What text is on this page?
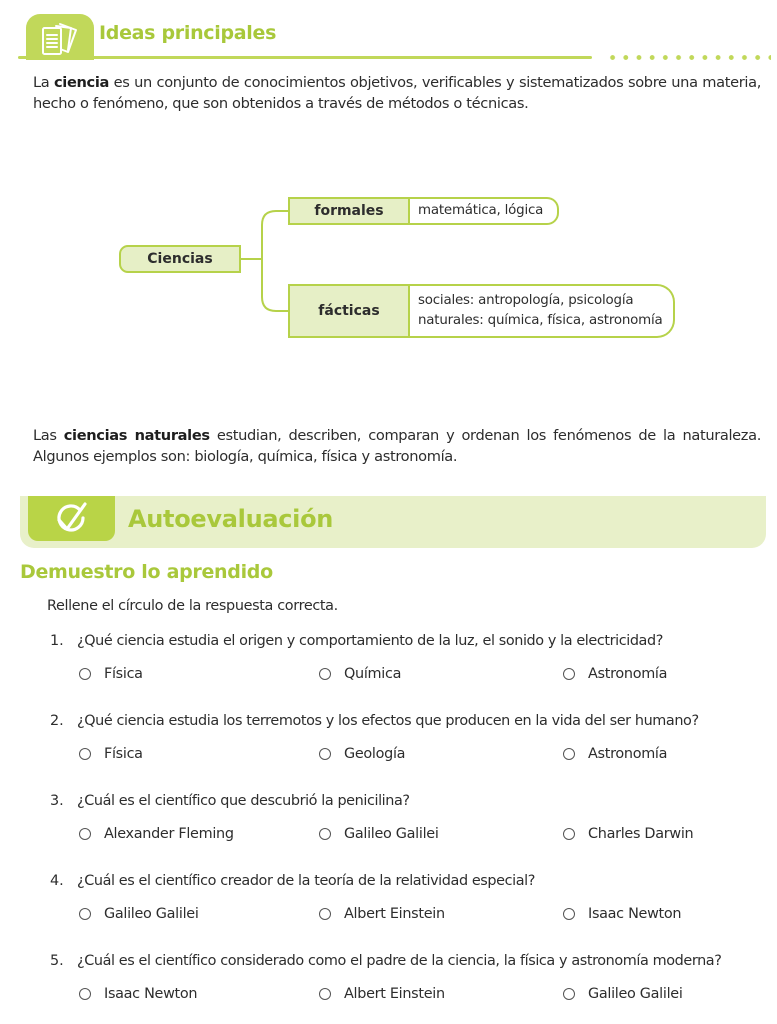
Ideas principales

La ciencia es un conjunto de conocimientos objetivos, verificables y sistematizados sobre una materia, hecho o fenómeno, que son obtenidos a través de métodos o técnicas.

Ciencias
formales	matemática, lógica
fácticas
sociales: antropología, psicología
naturales: química, física, astronomía

Las ciencias naturales estudian, describen, comparan y ordenan los fenómenos de la naturaleza. Algunos ejemplos son: biología, química, física y astronomía.

Autoevaluación
Demuestro lo aprendido
Rellene el círculo de la respuesta correcta.
1. ¿Qué ciencia estudia el origen y comportamiento de la luz, el sonido y la electricidad?
Física	Química	Astronomía
2. ¿Qué ciencia estudia los terremotos y los efectos que producen en la vida del ser humano?
Física	Geología	Astronomía
3. ¿Cuál es el científico que descubrió la penicilina?
Alexander Fleming	Galileo Galilei	Charles Darwin
4. ¿Cuál es el científico creador de la teoría de la relatividad especial?
Galileo Galilei	Albert Einstein	Isaac Newton
5. ¿Cuál es el científico considerado como el padre de la ciencia, la física y astronomía moderna?
Isaac Newton	Albert Einstein	Galileo Galilei
